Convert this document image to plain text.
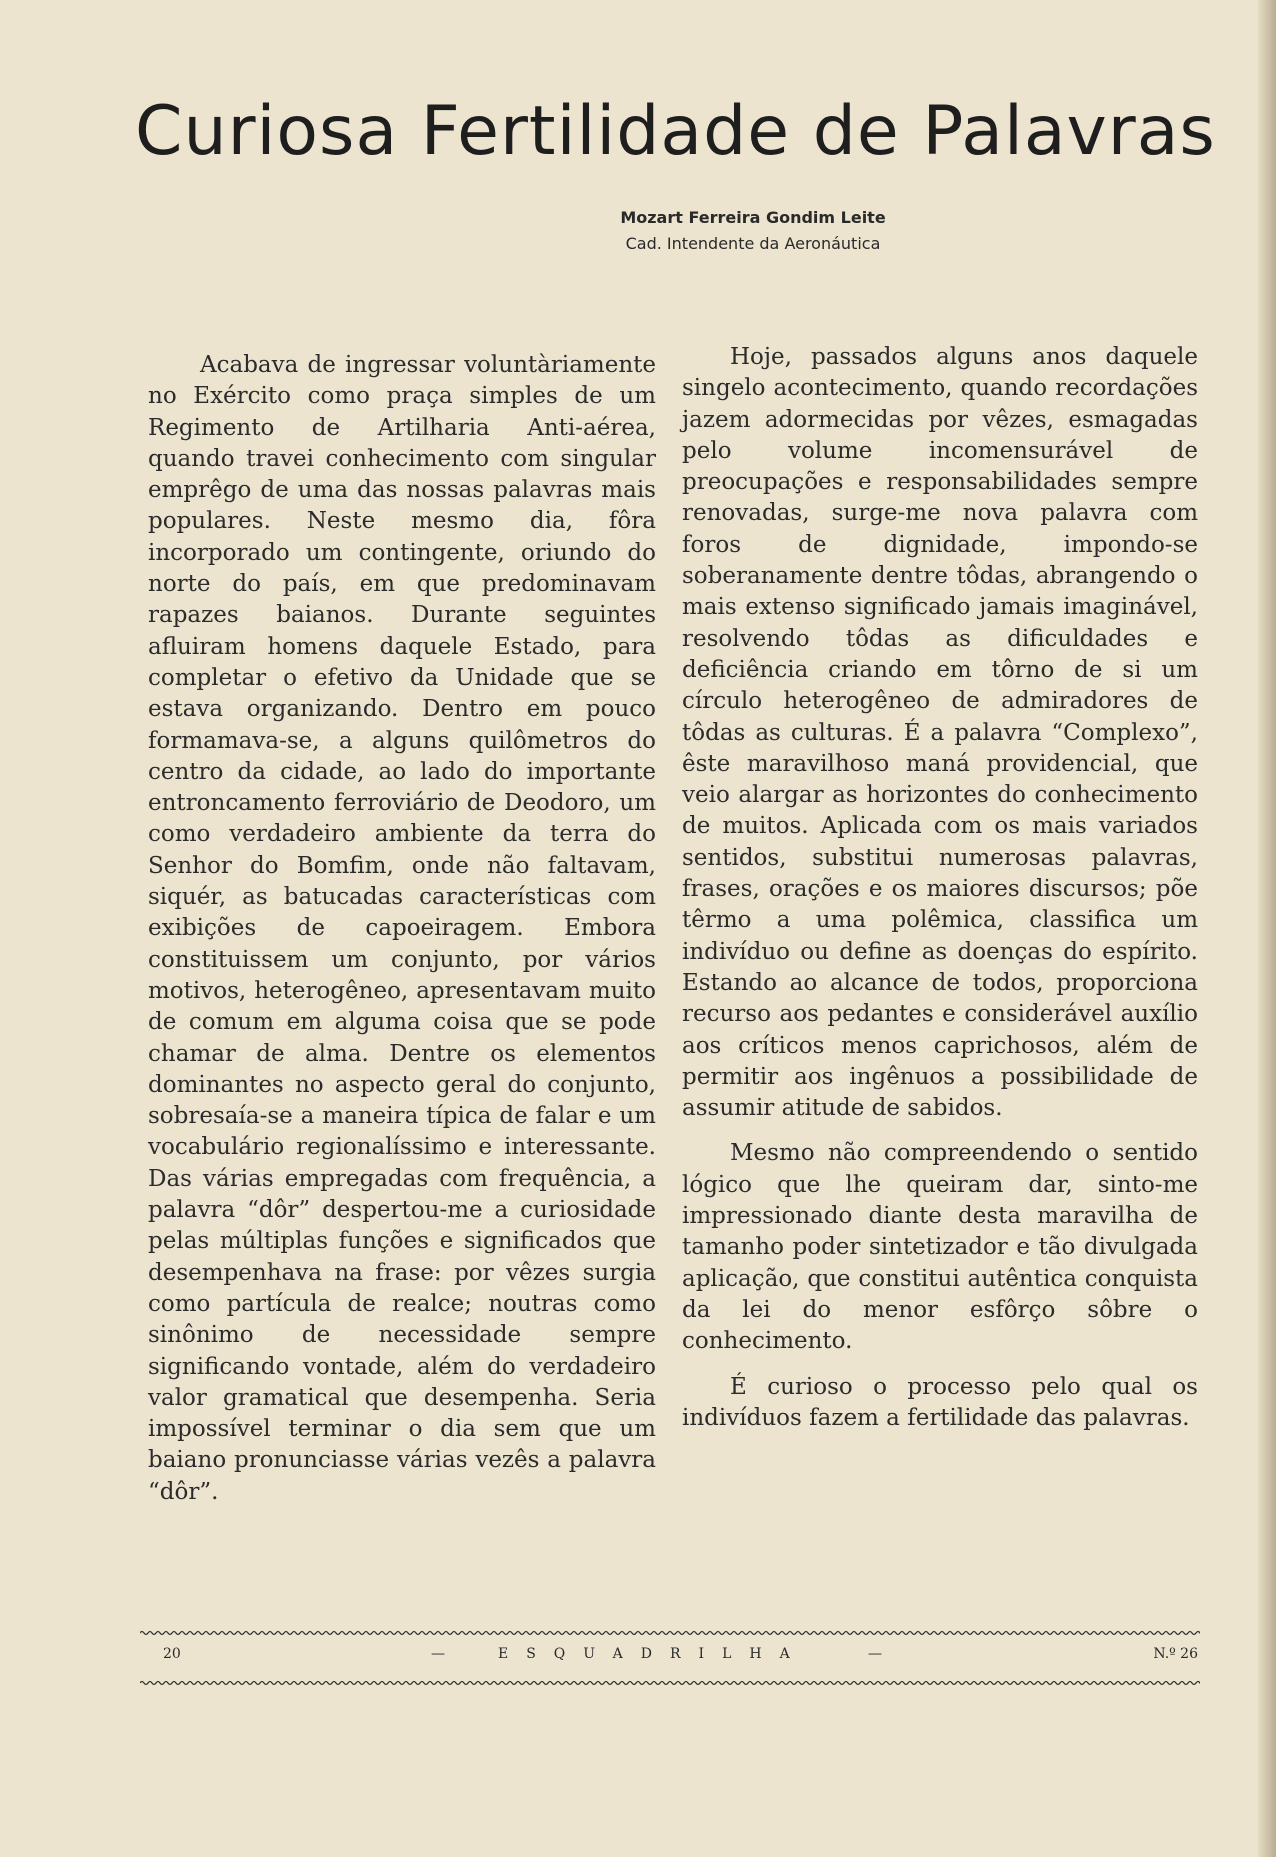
Curiosa Fertilidade de Palavras

Mozart Ferreira Gondim Leite

Cad. Intendente da Aeronáutica

Acabava de ingressar voluntàriamente no Exército como praça simples de um Regimento de Artilharia Anti-aérea, quando travei conhecimento com singular emprêgo de uma das nossas palavras mais populares. Neste mesmo dia, fôra incorporado um contingente, oriundo do norte do país, em que predominavam rapazes baianos. Durante seguintes afluiram homens daquele Estado, para completar o efetivo da Unidade que se estava organizando. Dentro em pouco formamava-se, a alguns quilômetros do centro da cidade, ao lado do importante entroncamento ferroviário de Deodoro, um como verdadeiro ambiente da terra do Senhor do Bomfim, onde não faltavam, siquér, as batucadas características com exibições de capoeiragem. Embora constituissem um conjunto, por vários motivos, heterogêneo, apresentavam muito de comum em alguma coisa que se pode chamar de alma. Dentre os elementos dominantes no aspecto geral do conjunto, sobresaía-se a maneira típica de falar e um vocabulário regionalíssimo e interessante. Das várias empregadas com frequência, a palavra “dôr” despertou-me a curiosidade pelas múltiplas funções e significados que desempenhava na frase: por vêzes surgia como partícula de realce; noutras como sinônimo de necessidade sempre significando vontade, além do verdadeiro valor gramatical que desempenha. Seria impossível terminar o dia sem que um baiano pronunciasse várias vezês a palavra “dôr”.

Hoje, passados alguns anos daquele singelo acontecimento, quando recordações jazem adormecidas por vêzes, esmagadas pelo volume incomensurável de preocupações e responsabilidades sempre renovadas, surge-me nova palavra com foros de dignidade, impondo-se soberanamente dentre tôdas, abrangendo o mais extenso significado jamais imaginável, resolvendo tôdas as dificuldades e deficiência criando em tôrno de si um círculo heterogêneo de admiradores de tôdas as culturas. É a palavra “Complexo”, êste maravilhoso maná providencial, que veio alargar as horizontes do conhecimento de muitos. Aplicada com os mais variados sentidos, substitui numerosas palavras, frases, orações e os maiores discursos; põe têrmo a uma polêmica, classifica um indivíduo ou define as doenças do espírito. Estando ao alcance de todos, proporciona recurso aos pedantes e considerável auxílio aos críticos menos caprichosos, além de permitir aos ingênuos a possibilidade de assumir atitude de sabidos.

Mesmo não compreendendo o sentido lógico que lhe queiram dar, sinto-me impressionado diante desta maravilha de tamanho poder sintetizador e tão divulgada aplicação, que constitui autêntica conquista da lei do menor esfôrço sôbre o conhecimento.

É curioso o processo pelo qual os indivíduos fazem a fertilidade das palavras.

20	—	ESQUADRILHA	—	N.º 26
